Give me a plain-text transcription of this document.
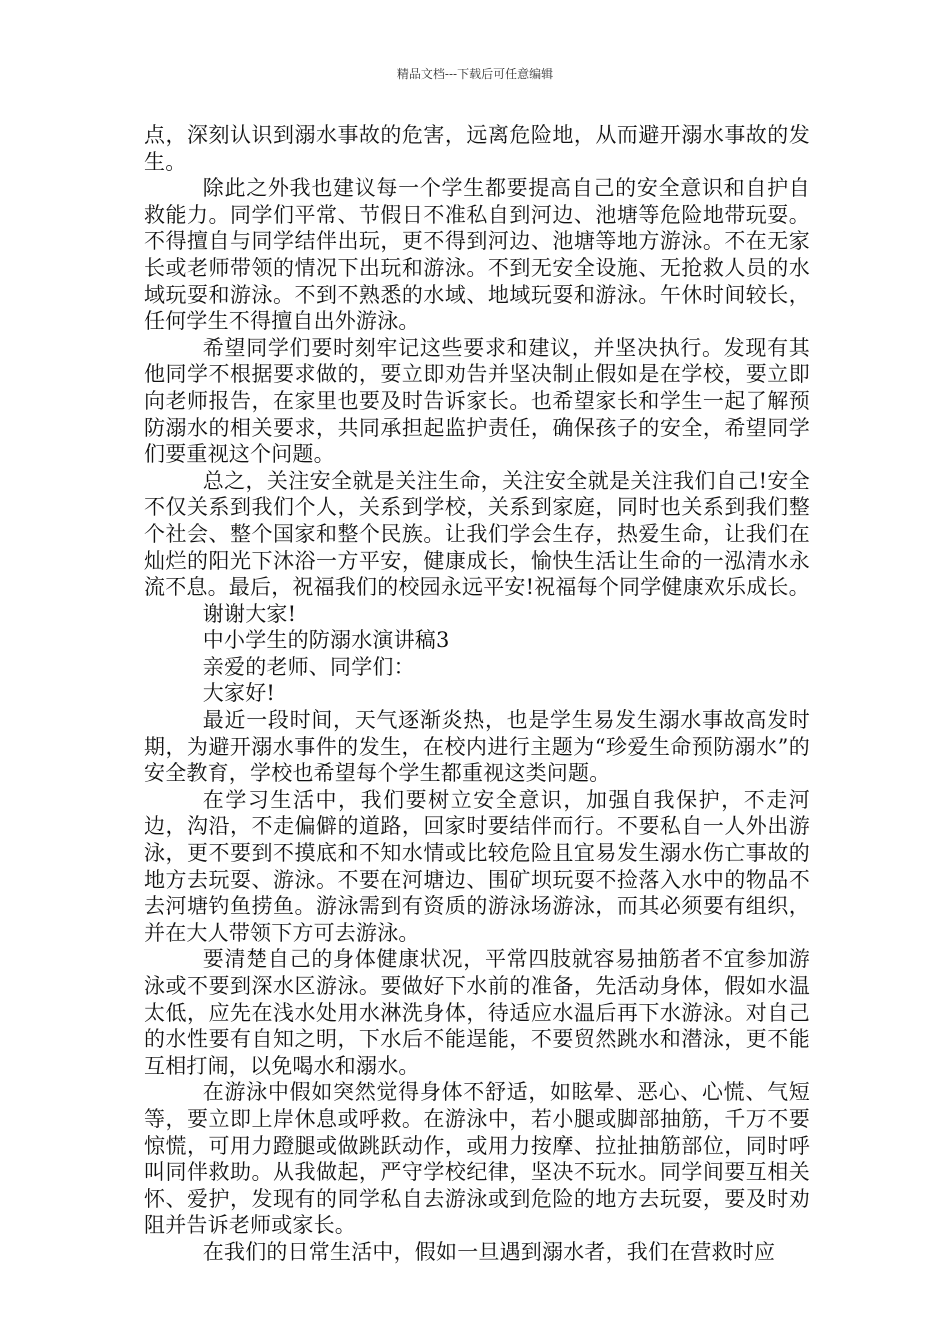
精品文档---下载后可任意编辑

点，深刻认识到溺水事故的危害，远离危险地，从而避开溺水事故的发生。

除此之外我也建议每一个学生都要提高自己的安全意识和自护自救能力。同学们平常、节假日不准私自到河边、池塘等危险地带玩耍。不得擅自与同学结伴出玩，更不得到河边、池塘等地方游泳。不在无家长或老师带领的情况下出玩和游泳。不到无安全设施、无抢救人员的水域玩耍和游泳。不到不熟悉的水域、地域玩耍和游泳。午休时间较长，任何学生不得擅自出外游泳。

希望同学们要时刻牢记这些要求和建议，并坚决执行。发现有其他同学不根据要求做的，要立即劝告并坚决制止假如是在学校，要立即向老师报告，在家里也要及时告诉家长。也希望家长和学生一起了解预防溺水的相关要求，共同承担起监护责任，确保孩子的安全，希望同学们要重视这个问题。

总之，关注安全就是关注生命，关注安全就是关注我们自己!安全不仅关系到我们个人，关系到学校，关系到家庭，同时也关系到我们整个社会、整个国家和整个民族。让我们学会生存，热爱生命，让我们在灿烂的阳光下沐浴一方平安，健康成长，愉快生活让生命的一泓清水永流不息。最后，祝福我们的校园永远平安!祝福每个同学健康欢乐成长。

谢谢大家!

中小学生的防溺水演讲稿3

亲爱的老师、同学们：

大家好!

最近一段时间，天气逐渐炎热，也是学生易发生溺水事故高发时期，为避开溺水事件的发生，在校内进行主题为“珍爱生命预防溺水”的安全教育，学校也希望每个学生都重视这类问题。

在学习生活中，我们要树立安全意识，加强自我保护，不走河边，沟沿，不走偏僻的道路，回家时要结伴而行。不要私自一人外出游泳，更不要到不摸底和不知水情或比较危险且宜易发生溺水伤亡事故的地方去玩耍、游泳。不要在河塘边、围矿坝玩耍不捡落入水中的物品不去河塘钓鱼捞鱼。游泳需到有资质的游泳场游泳，而其必须要有组织，并在大人带领下方可去游泳。

要清楚自己的身体健康状况，平常四肢就容易抽筋者不宜参加游泳或不要到深水区游泳。要做好下水前的准备，先活动身体，假如水温太低，应先在浅水处用水淋洗身体，待适应水温后再下水游泳。对自己的水性要有自知之明，下水后不能逞能，不要贸然跳水和潜泳，更不能互相打闹，以免喝水和溺水。

在游泳中假如突然觉得身体不舒适，如眩晕、恶心、心慌、气短等，要立即上岸休息或呼救。在游泳中，若小腿或脚部抽筋，千万不要惊慌，可用力蹬腿或做跳跃动作，或用力按摩、拉扯抽筋部位，同时呼叫同伴救助。从我做起，严守学校纪律，坚决不玩水。同学间要互相关怀、爱护，发现有的同学私自去游泳或到危险的地方去玩耍，要及时劝阻并告诉老师或家长。

在我们的日常生活中，假如一旦遇到溺水者，我们在营救时应
